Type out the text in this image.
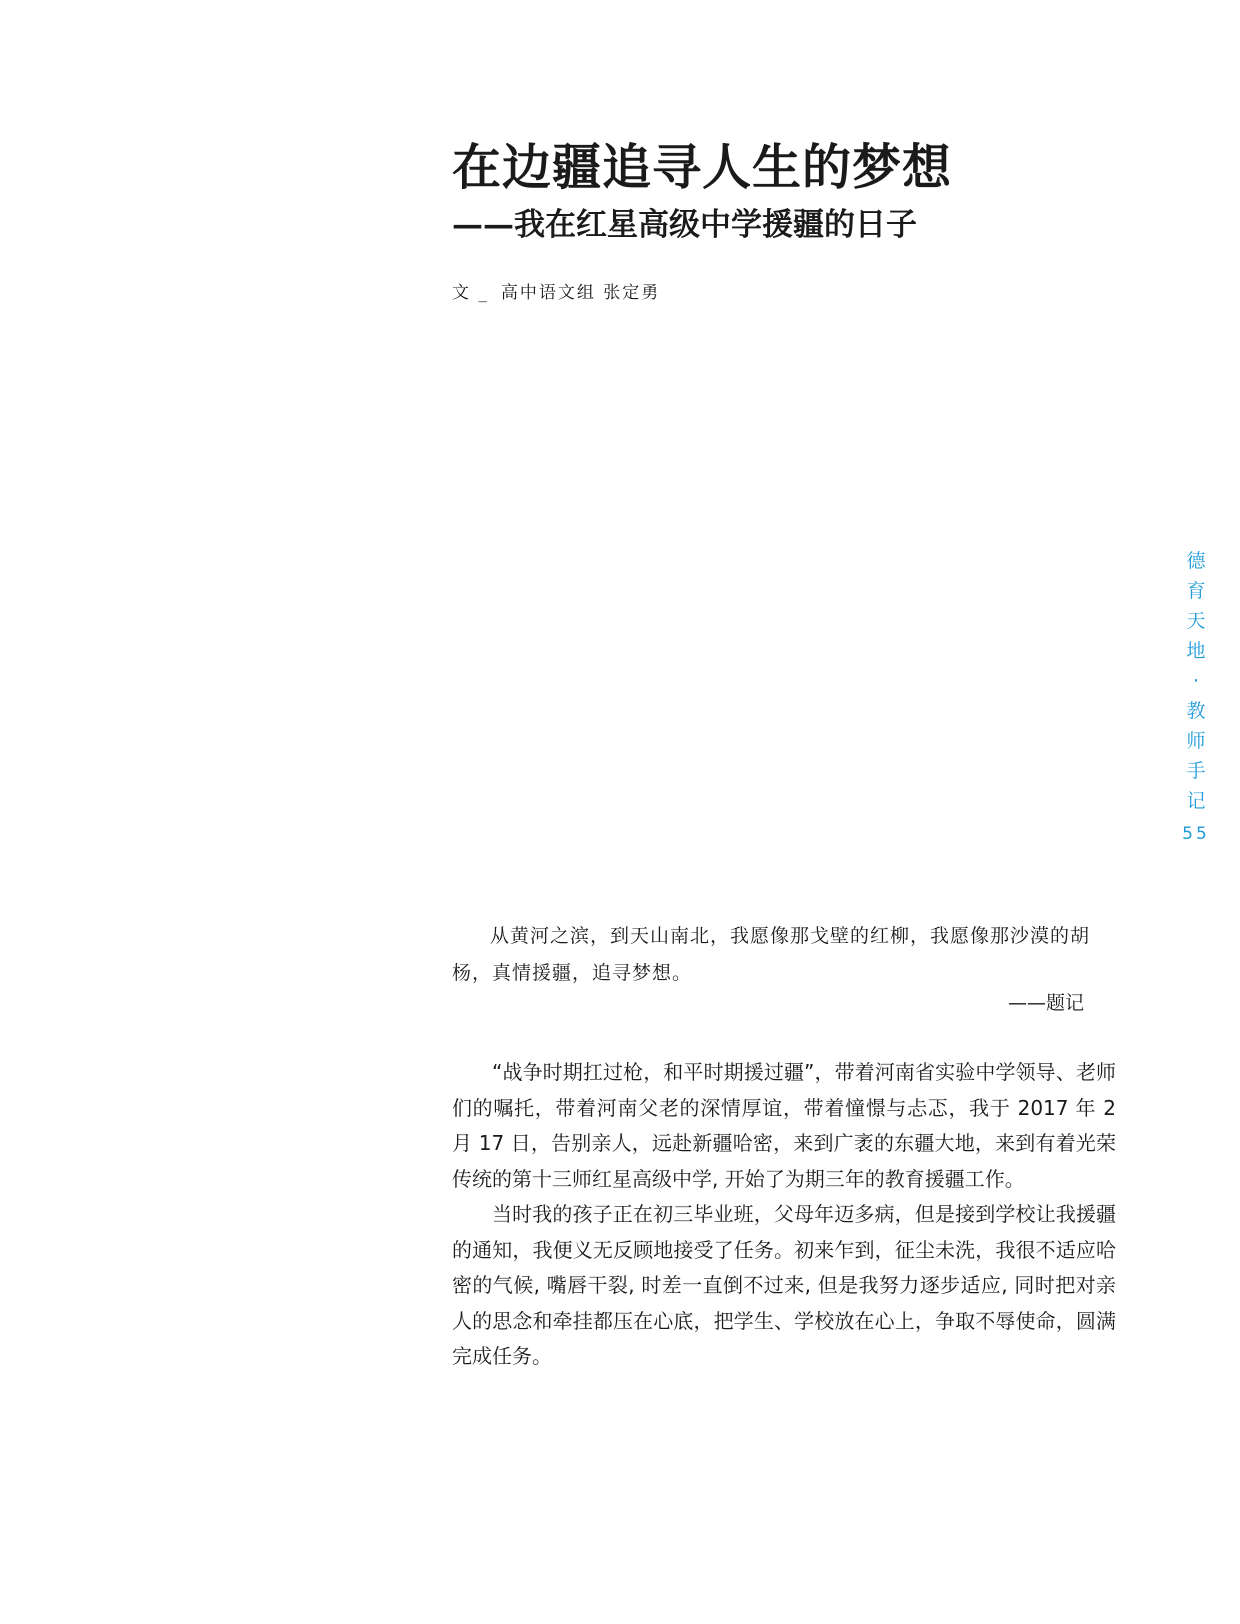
在边疆追寻人生的梦想
——我在红星高级中学援疆的日子
文 _ 高中语文组 张定勇
德
育
天
地
·
教
师
手
记
55

从黄河之滨，到天山南北，我愿像那戈壁的红柳，我愿像那沙漠的胡杨，真情援疆，追寻梦想。

——题记

“战争时期扛过枪，和平时期援过疆”，带着河南省实验中学领导、老师们的嘱托，带着河南父老的深情厚谊，带着憧憬与忐忑，我于 2017 年 2 月 17 日，告别亲人，远赴新疆哈密，来到广袤的东疆大地，来到有着光荣传统的第十三师红星高级中学, 开始了为期三年的教育援疆工作。

当时我的孩子正在初三毕业班，父母年迈多病，但是接到学校让我援疆的通知，我便义无反顾地接受了任务。初来乍到，征尘未洗，我很不适应哈密的气候, 嘴唇干裂, 时差一直倒不过来, 但是我努力逐步适应, 同时把对亲人的思念和牵挂都压在心底，把学生、学校放在心上，争取不辱使命，圆满完成任务。
